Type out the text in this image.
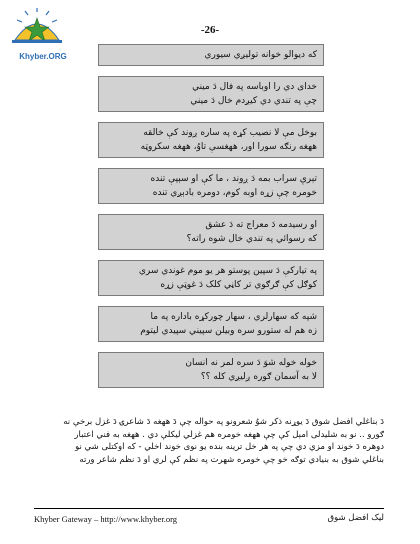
Khyber.ORG
-26-
که دیوالو خوانه تولیږي سیوري
خدای دي را اوباسه په فال دَ میني
چې په تندي دي کیږدم خال دَ میني
بوخل مې لا نصیب کړه په ساره ږوند کې خالقه
ههغه رنګه سورا اور، ههغسې تاوُ، ههغه سکروټه
تېرې سراب بمه دَ ږوند ، ما کې او سېپې تنده
خومره چې زړه اوبه کوم، دومره بادېږي تنده
او رسیدمه دَ معراج ته دَ عشق
که رسوائي په تندي خال شوه راته؟
په تیارکې دَ سپین پوستو هر یو موم غوندي سري
کوګل کې ګرګوي تر کاڼي کلک دَ غوټې زړه
شپه که سهارلري ، سهار چورکړه باداره په ما
زه هم له ستورو سره وبیلن سپیني سپیدي لیتوم
خوله خوله شوَ دَ سره لمر نه انسان
لا به آسمان ګوره ږلیږي کله ؟؟
دَ بناغلي افضل شوق دَ یوړنه ذکر شوُ شعرونو په حواله چې دَ ههغه دَ شاعرۍ دَ غزل برخې نه
ګورو .. نو به شلیدلی امېل کې چې ههغه خومره هم غزلي لیکلې دي . ههغه به فني اعتبار
دوهره دَ خوند او مزي دي چې په هر خل ترینه بنده یو نوی خوند اخلي - که اوکتلی شي نو
بناغلي شوق به بنیادي توګه خو چې خومره شهرت په نظم کې لري او دَ نظم شاعر ورته
Khyber Gateway – http://www.khyber.org	لیک افضل شوق
